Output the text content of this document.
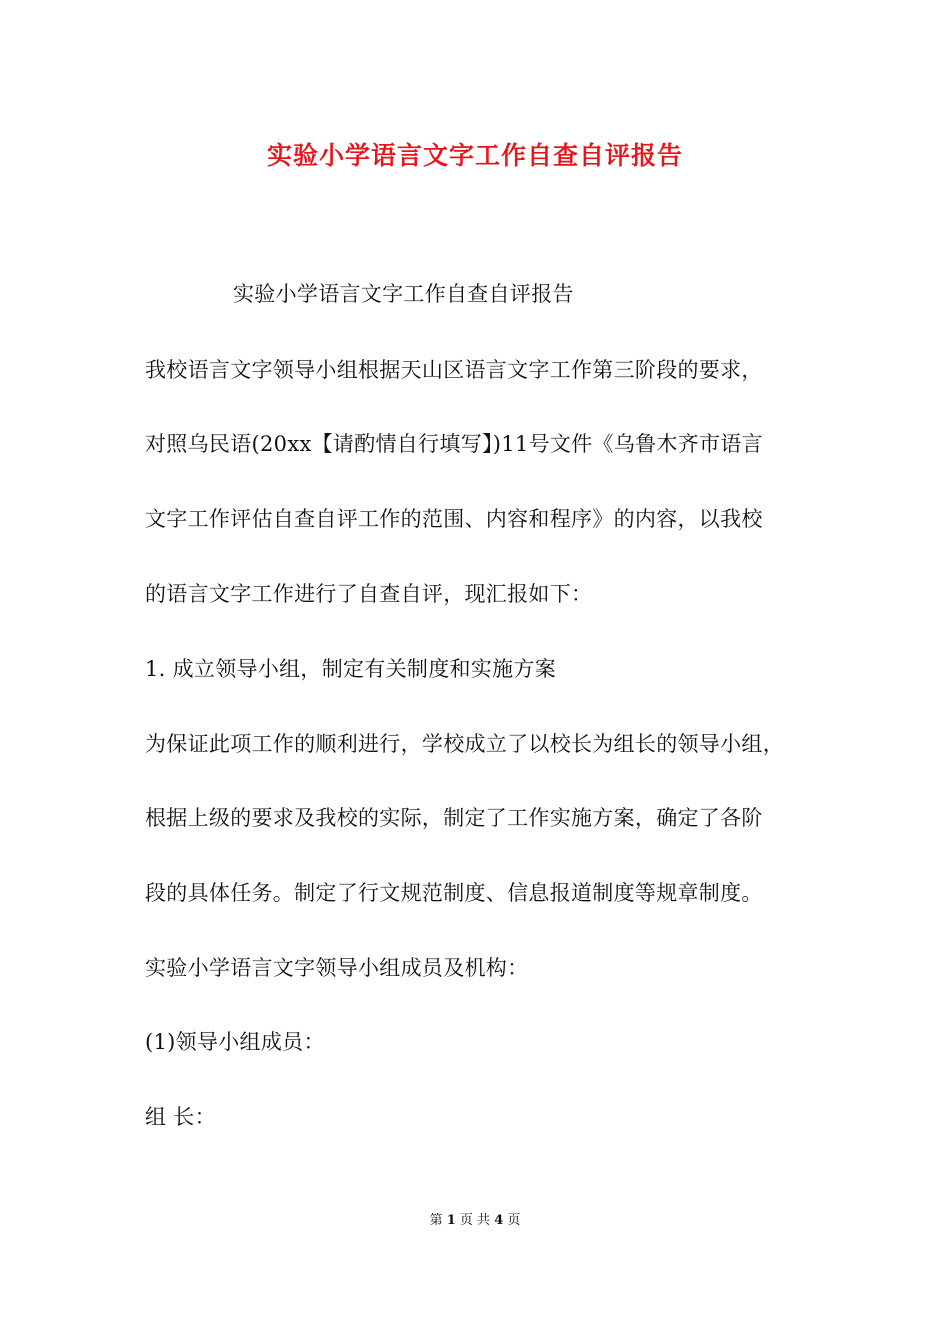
实验小学语言文字工作自查自评报告
实验小学语言文字工作自查自评报告
我校语言文字领导小组根据天山区语言文字工作第三阶段的要求，
对照乌民语(20xx【请酌情自行填写】)11号文件《乌鲁木齐市语言
文字工作评估自查自评工作的范围、内容和程序》的内容，以我校
的语言文字工作进行了自查自评，现汇报如下：
1. 成立领导小组，制定有关制度和实施方案
为保证此项工作的顺利进行，学校成立了以校长为组长的领导小组，
根据上级的要求及我校的实际，制定了工作实施方案，确定了各阶
段的具体任务。制定了行文规范制度、信息报道制度等规章制度。
实验小学语言文字领导小组成员及机构：
(1)领导小组成员：
组 长：
第 1 页 共 4 页
